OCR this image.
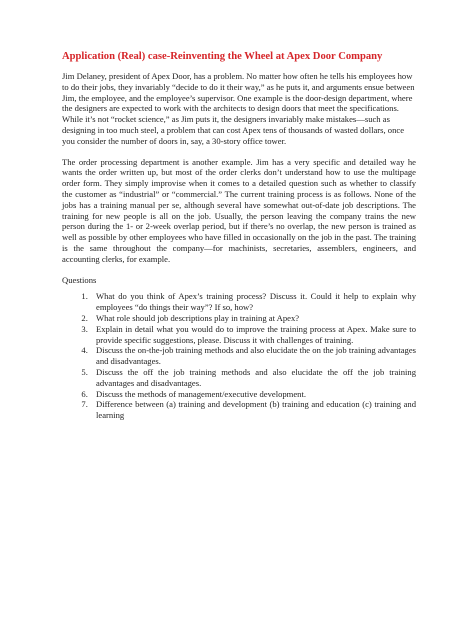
Application (Real) case-Reinventing the Wheel at Apex Door Company

Jim Delaney, president of Apex Door, has a problem. No matter how often he tells his employees how to do their jobs, they invariably “decide to do it their way,” as he puts it, and arguments ensue between Jim, the employee, and the employee’s supervisor. One example is the door-design department, where the designers are expected to work with the architects to design doors that meet the specifications. While it’s not “rocket science,” as Jim puts it, the designers invariably make mistakes—such as designing in too much steel, a problem that can cost Apex tens of thousands of wasted dollars, once you consider the number of doors in, say, a 30-story office tower.

The order processing department is another example. Jim has a very specific and detailed way he wants the order written up, but most of the order clerks don’t understand how to use the multipage order form. They simply improvise when it comes to a detailed question such as whether to classify the customer as “industrial” or “commercial.” The current training process is as follows. None of the jobs has a training manual per se, although several have somewhat out-of-date job descriptions. The training for new people is all on the job. Usually, the person leaving the company trains the new person during the 1- or 2-week overlap period, but if there’s no overlap, the new person is trained as well as possible by other employees who have filled in occasionally on the job in the past. The training is the same throughout the company—for machinists, secretaries, assemblers, engineers, and accounting clerks, for example.

Questions

1. What do you think of Apex’s training process? Discuss it. Could it help to explain why employees “do things their way”? If so, how?
2. What role should job descriptions play in training at Apex?
3. Explain in detail what you would do to improve the training process at Apex. Make sure to provide specific suggestions, please. Discuss it with challenges of training.
4. Discuss the on-the-job training methods and also elucidate the on the job training advantages and disadvantages.
5. Discuss the off the job training methods and also elucidate the off the job training advantages and disadvantages.
6. Discuss the methods of management/executive development.
7. Difference between (a) training and development (b) training and education (c) training and learning
